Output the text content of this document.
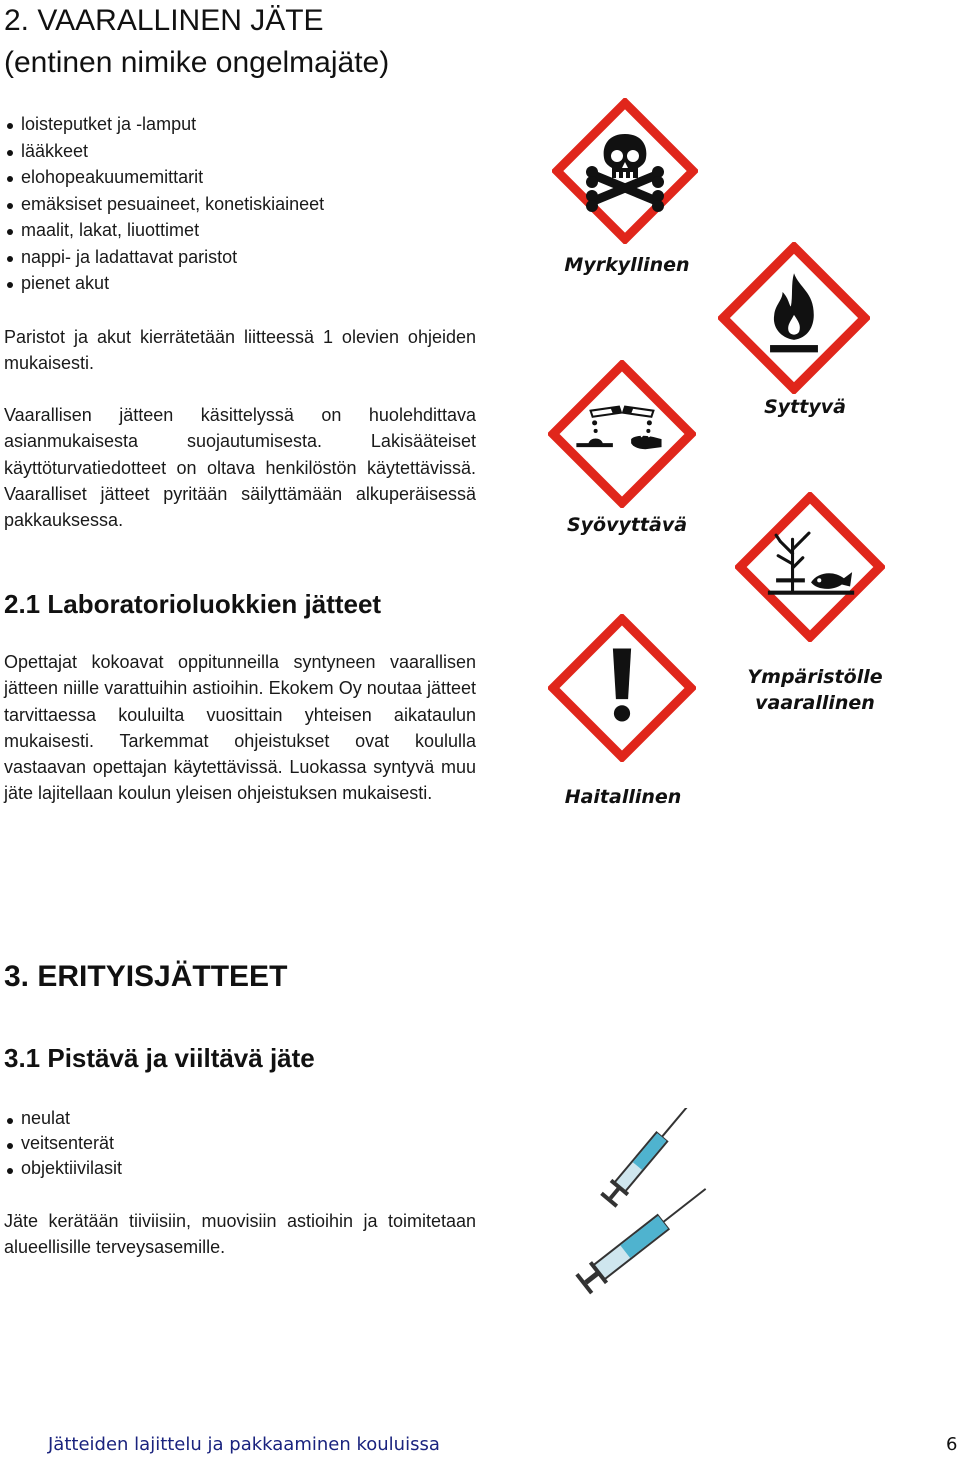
2. VAARALLINEN JÄTE
(entinen nimike ongelmajäte)
loisteputket ja -lamput
lääkkeet
elohopeakuumemittarit
emäksiset pesuaineet, konetiskiaineet
maalit, lakat, liuottimet
nappi- ja ladattavat paristot
pienet akut

Paristot ja akut kierrätetään liitteessä 1 olevien ohjeiden mukaisesti.

Vaarallisen jätteen käsittelyssä on huolehdittava asianmukaisesta suojautumisesta. Lakisääteiset käyttöturvatiedotteet on oltava henkilöstön käytettävissä. Vaaralliset jätteet pyritään säilyttämään alkuperäisessä pakkauksessa.

2.1 Laboratorioluokkien jätteet

Opettajat kokoavat oppitunneilla syntyneen vaarallisen jätteen niille varattuihin astioihin. Ekokem Oy noutaa jätteet tarvittaessa kouluilta vuosittain yhteisen aikataulun mukaisesti. Tarkemmat ohjeistukset ovat koululla vastaavan opettajan käytettävissä. Luokassa syntyvä muu jäte lajitellaan koulun yleisen ohjeistuksen mukaisesti.

3. ERITYISJÄTTEET
3.1 Pistävä ja viiltävä jäte
neulat
veitsenterät
objektiivilasit

Jäte kerätään tiiviisiin, muovisiin astioihin ja toimitetaan alueellisille terveysasemille.

Myrkyllinen
Syttyvä
Syövyttävä
Ympäristölle
vaarallinen
Haitallinen
Jätteiden lajittelu ja pakkaaminen kouluissa	6
